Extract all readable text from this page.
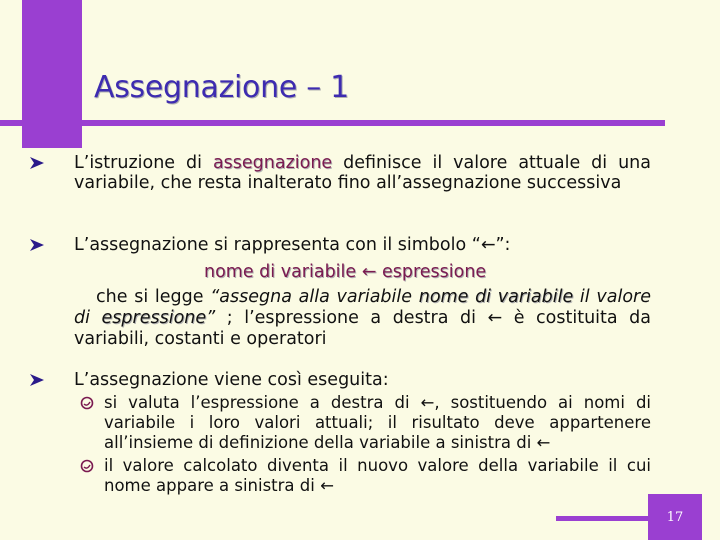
Assegnazione – 1

L’istruzione di assegnazione definisce il valore attuale di una variabile, che resta inalterato fino all’assegnazione successiva

L’assegnazione si rappresenta con il simbolo “←”:

nome di variabile ← espressione

che si legge “assegna alla variabile nome di variabile il valore di espressione” ; l’espressione a destra di ← è costituita da variabili, costanti e operatori

L’assegnazione viene così eseguita:

si valuta l’espressione a destra di ←, sostituendo ai nomi di variabile i loro valori attuali; il risultato deve appartenere all’insieme di definizione della variabile a sinistra di ←

il valore calcolato diventa il nuovo valore della variabile il cui nome appare a sinistra di ←

17
